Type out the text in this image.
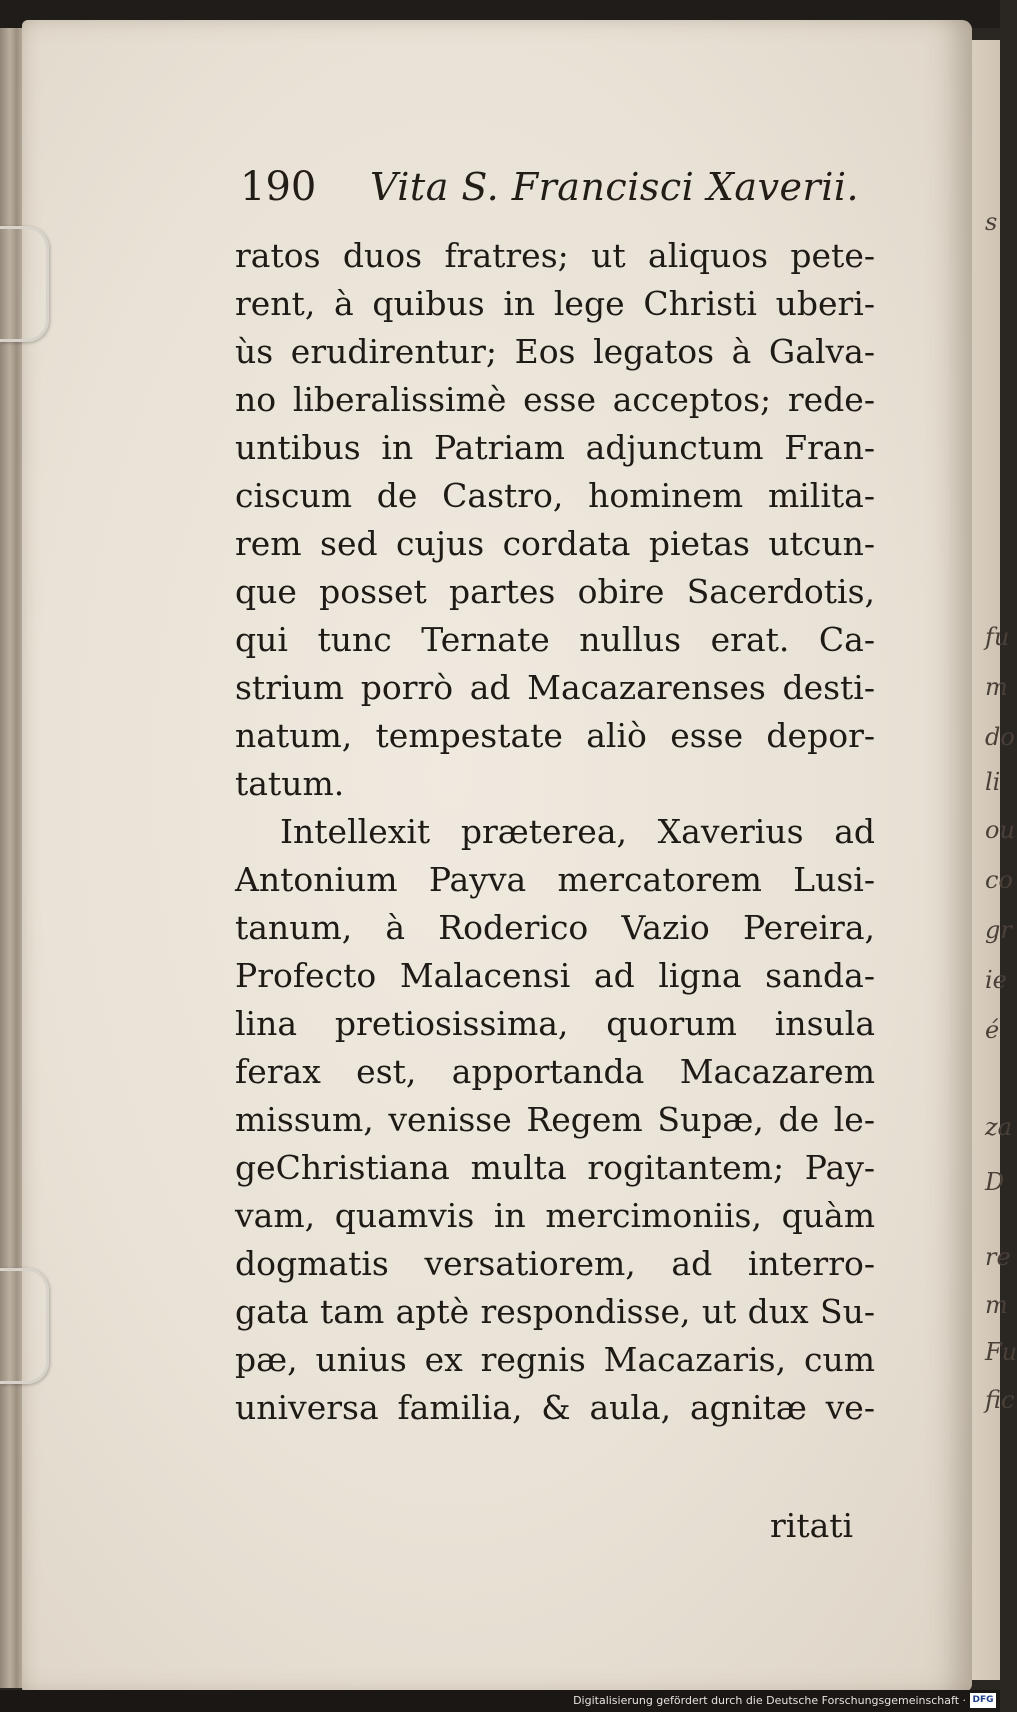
190 Vita S. Francisci Xaverii.
ratos duos fratres; ut aliquos pete-
rent, à quibus in lege Christi uberi-
ùs erudirentur; Eos legatos à Galva-
no liberalissimè esse acceptos; rede-
untibus in Patriam adjunctum Fran-
ciscum de Castro, hominem milita-
rem sed cujus cordata pietas utcun-
que posset partes obire Sacerdotis,
qui tunc Ternate nullus erat. Ca-
strium porrò ad Macazarenses desti-
natum, tempestate aliò esse depor-
tatum.
Intellexit præterea, Xaverius ad
Antonium Payva mercatorem Lusi-
tanum, à Roderico Vazio Pereira,
Profecto Malacensi ad ligna sanda-
lina pretiosissima, quorum insula
ferax est, apportanda Macazarem
missum, venisse Regem Supæ, de le-
geChristiana multa rogitantem; Pay-
vam, quamvis in mercimoniis, quàm
dogmatis versatiorem, ad interro-
gata tam aptè respondisse, ut dux Su-
pæ, unius ex regnis Macazaris, cum
universa familia, & aula, agnitæ ve-
ritati
s
fu
m
do
li
ou
co
gr
ie
é
za
D
re
m
Fu
fic
Digitalisierung gefördert durch die Deutsche Forschungsgemeinschaft · DFG
